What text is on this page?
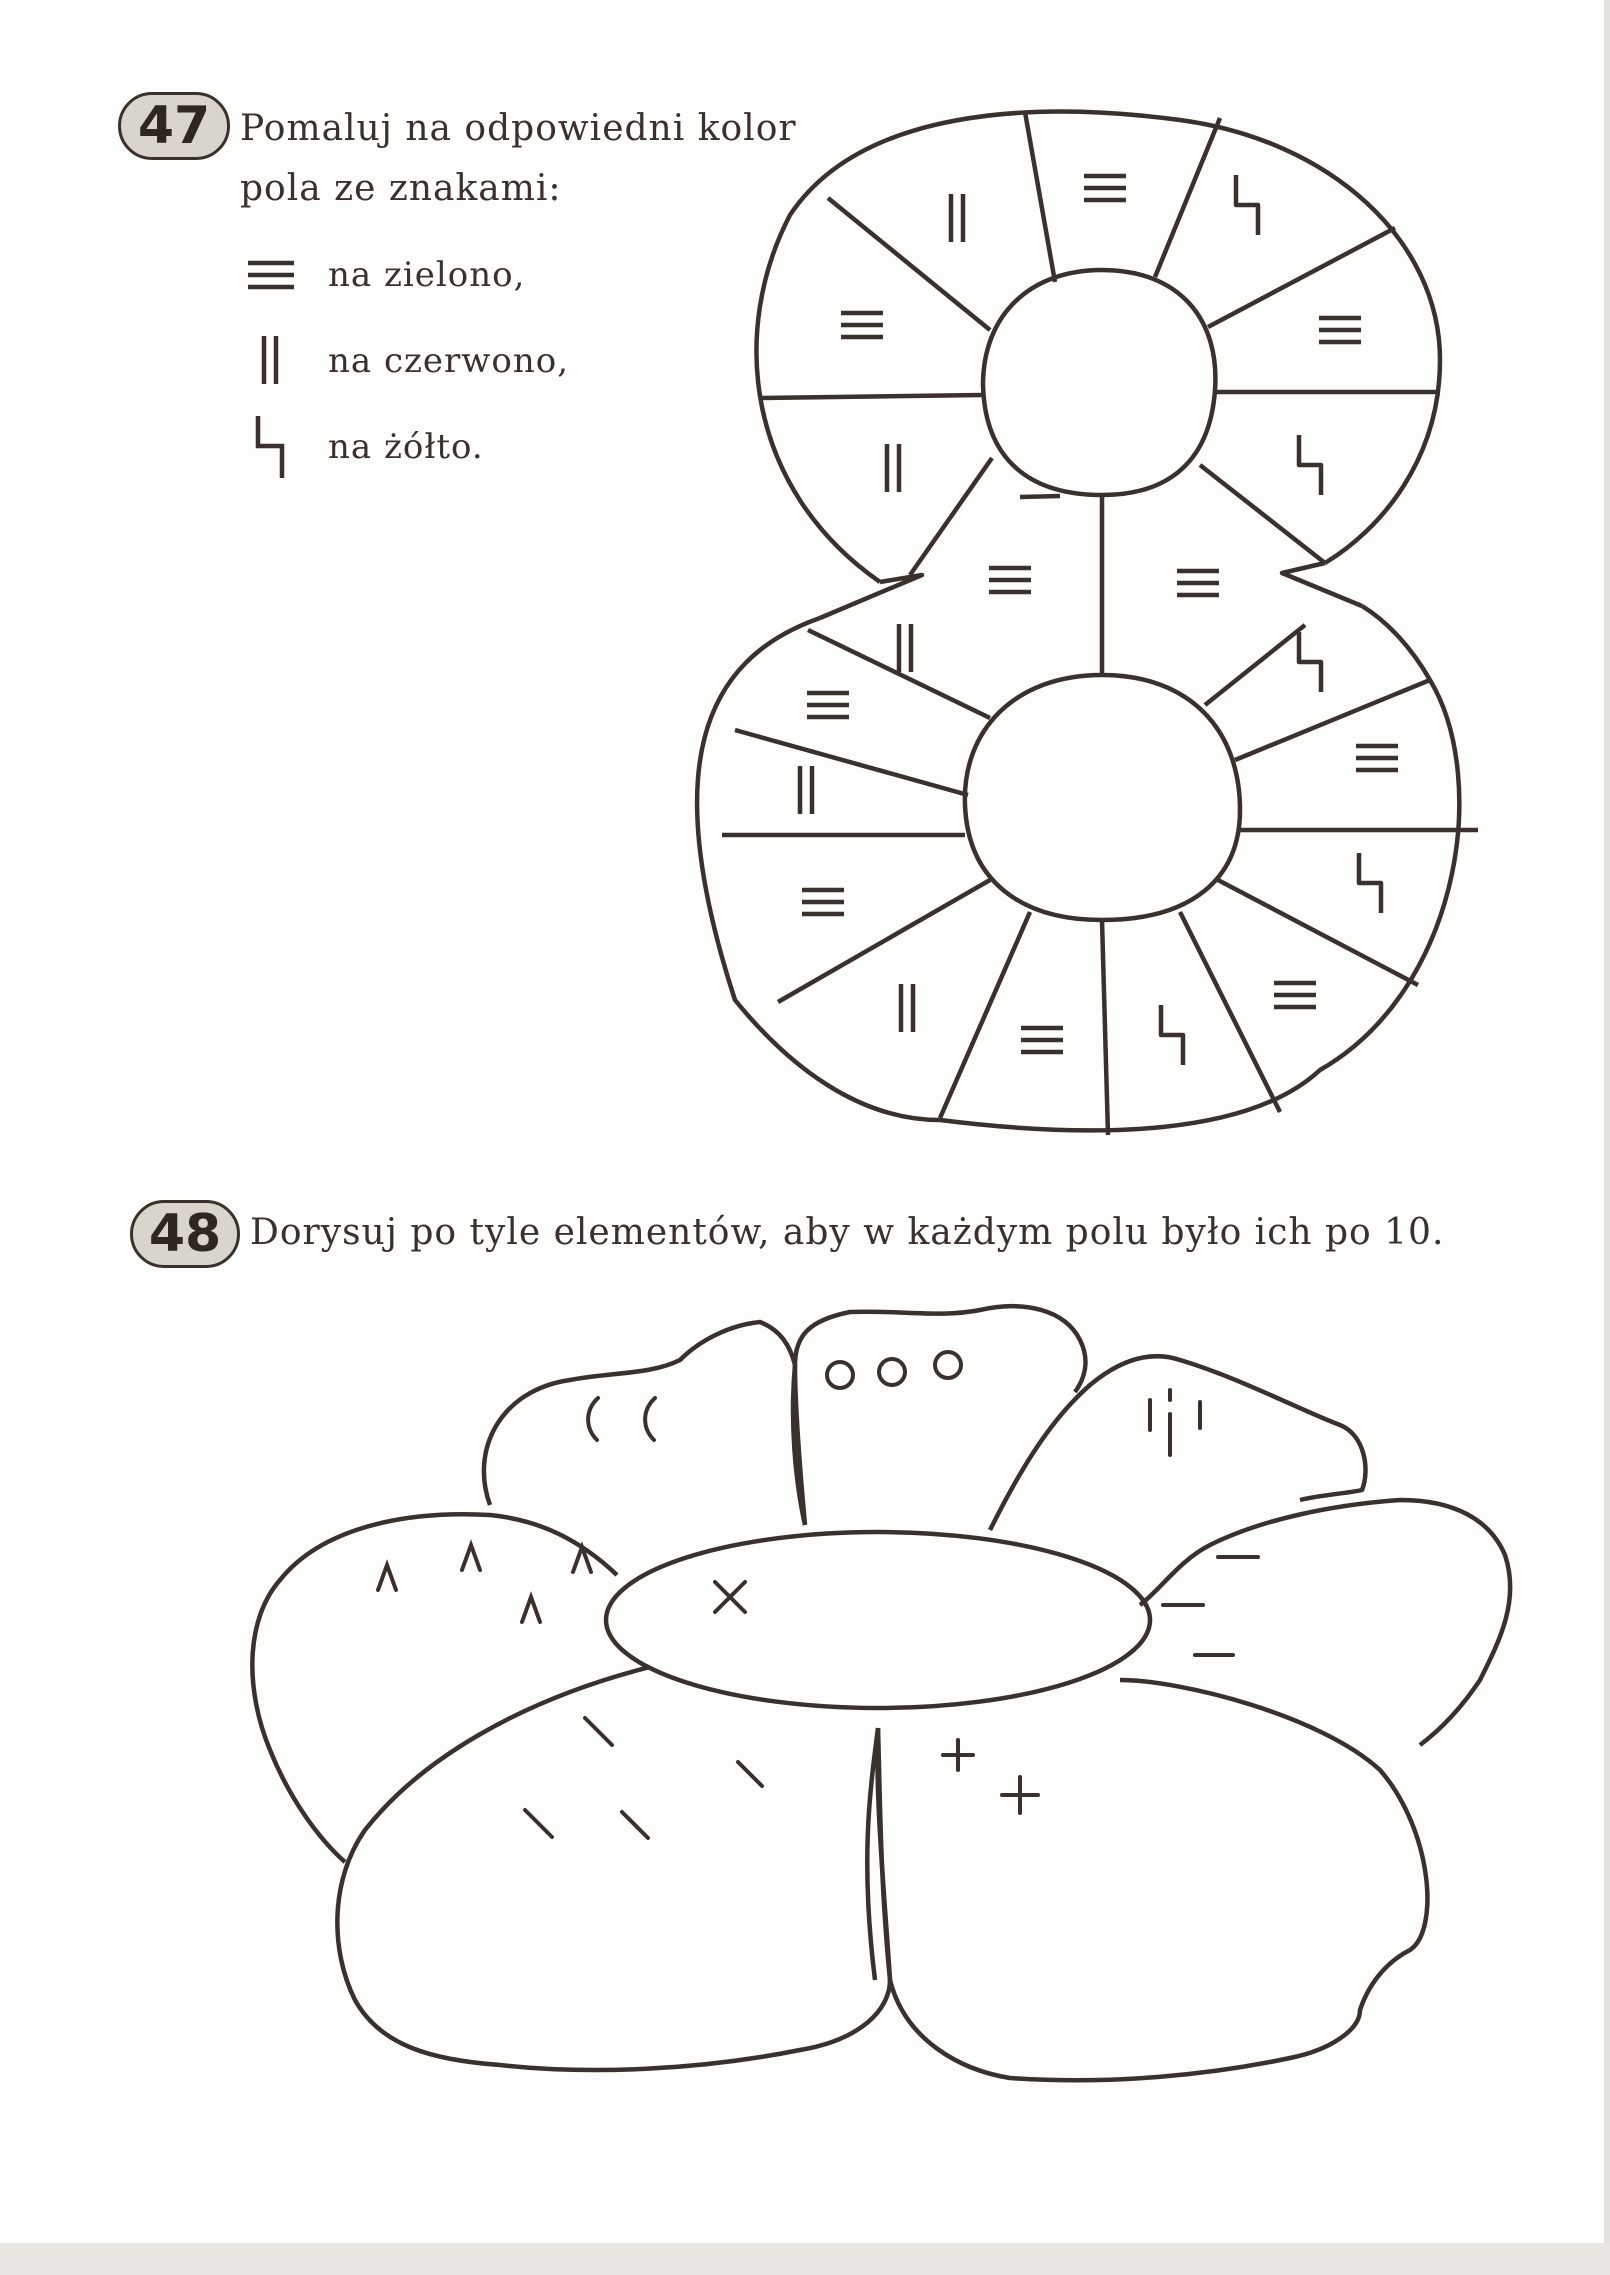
47 Pomaluj na odpowiedni kolor
pola ze znakami:
na zielono,
na czerwono,
na żółto.
48 Dorysuj po tyle elementów, aby w każdym polu było ich po 10.
